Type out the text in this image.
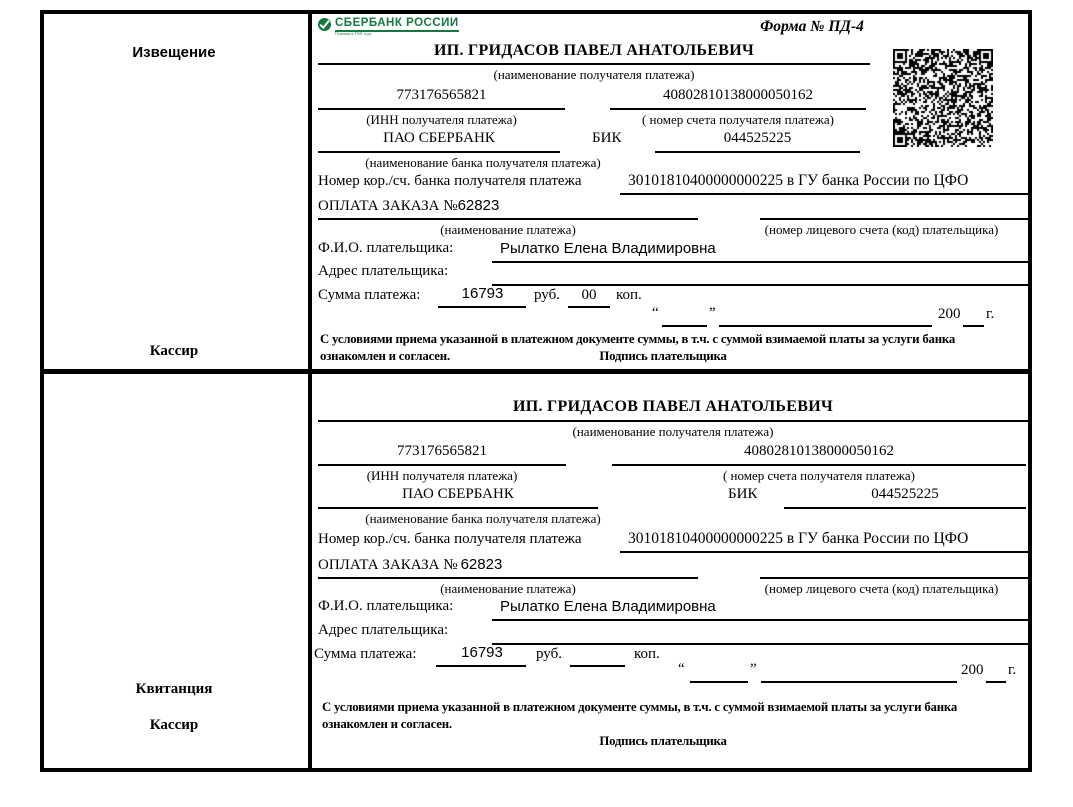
Извещение
Кассир
СБЕРБАНК РОССИИ
Основан в 1841 году	Форма № ПД-4
ИП. ГРИДАСОВ ПАВЕЛ АНАТОЛЬЕВИЧ
(наименование получателя платежа)
773176565821	40802810138000050162
(ИНН получателя платежа)	( номер счета получателя платежа)
ПАО СБЕРБАНК	БИК	044525225
(наименование банка получателя платежа)
Номер кор./сч. банка получателя платежа	30101810400000000225 в ГУ банка России по ЦФО
ОПЛАТА ЗАКАЗА №62823
(наименование платежа)	(номер лицевого счета (код) плательщика)
Ф.И.О. плательщика:	Рылатко Елена Владимировна
Адрес плательщика:
Сумма платежа:	16793	руб.	00	коп.
“	”	200 г.
С условиями приема указанной в платежном документе суммы, в т.ч. с суммой взимаемой платы за услуги банка
ознакомлен и согласен.	Подпись плательщика
Квитанция
Кассир
ИП. ГРИДАСОВ ПАВЕЛ АНАТОЛЬЕВИЧ
(наименование получателя платежа)
773176565821	40802810138000050162
(ИНН получателя платежа)	( номер счета получателя платежа)
ПАО СБЕРБАНК	БИК	044525225
(наименование банка получателя платежа)
Номер кор./сч. банка получателя платежа	30101810400000000225 в ГУ банка России по ЦФО
ОПЛАТА ЗАКАЗА № 62823
(наименование платежа)	(номер лицевого счета (код) плательщика)
Ф.И.О. плательщика:	Рылатко Елена Владимировна
Адрес плательщика:
Сумма платежа:	16793	руб.	коп.
“	”	200 г.
С условиями приема указанной в платежном документе суммы, в т.ч. с суммой взимаемой платы за услуги банка
ознакомлен и согласен.
Подпись плательщика
